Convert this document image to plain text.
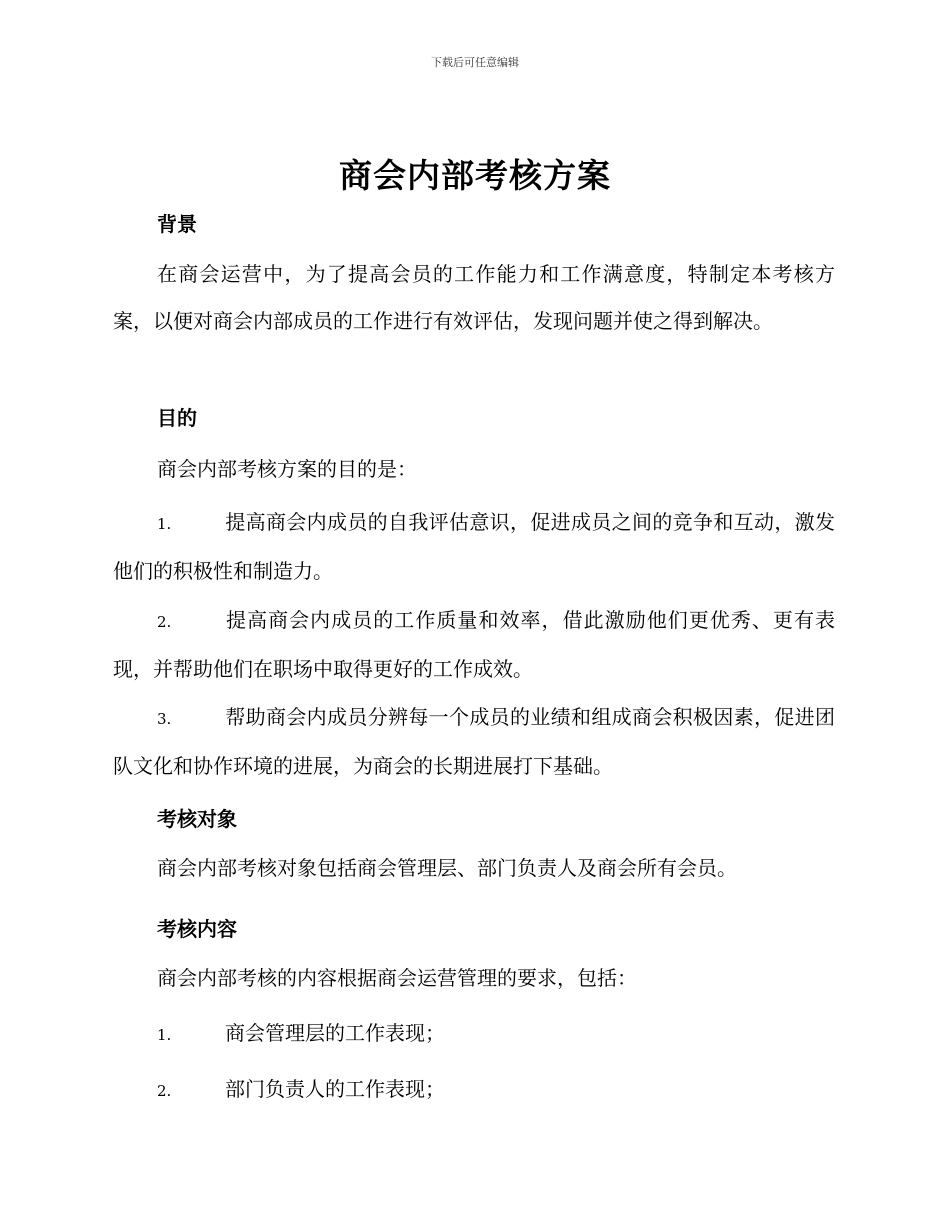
下载后可任意编辑
商会内部考核方案
背景
在商会运营中，为了提高会员的工作能力和工作满意度，特制定本考核方案，以便对商会内部成员的工作进行有效评估，发现问题并使之得到解决。
目的
商会内部考核方案的目的是：
1.	提高商会内成员的自我评估意识，促进成员之间的竞争和互动，激发他们的积极性和制造力。
2.	提高商会内成员的工作质量和效率，借此激励他们更优秀、更有表现，并帮助他们在职场中取得更好的工作成效。
3.	帮助商会内成员分辨每一个成员的业绩和组成商会积极因素，促进团队文化和协作环境的进展，为商会的长期进展打下基础。
考核对象
商会内部考核对象包括商会管理层、部门负责人及商会所有会员。
考核内容
商会内部考核的内容根据商会运营管理的要求，包括：
1.	商会管理层的工作表现；
2.	部门负责人的工作表现；
